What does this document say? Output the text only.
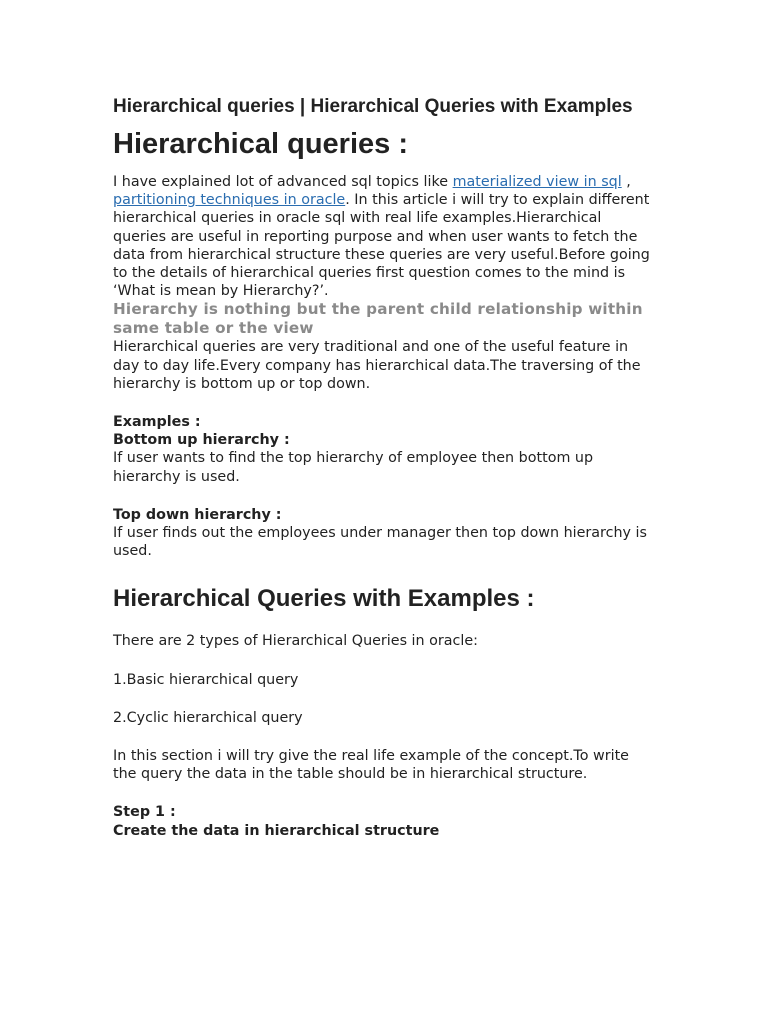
Hierarchical queries | Hierarchical Queries with Examples
Hierarchical queries :

I have explained lot of advanced sql topics like materialized view in sql , partitioning techniques in oracle. In this article i will try to explain different hierarchical queries in oracle sql with real life examples.Hierarchical queries are useful in reporting purpose and when user wants to fetch the data from hierarchical structure these queries are very useful.Before going to the details of hierarchical queries first question comes to the mind is ‘What is mean by Hierarchy?’.

Hierarchy is nothing but the parent child relationship within same table or the view

Hierarchical queries are very traditional and one of the useful feature in day to day life.Every company has hierarchical data.The traversing of the hierarchy is bottom up or top down.

Examples :

Bottom up hierarchy :

If user wants to find the top hierarchy of employee then bottom up hierarchy is used.

Top down hierarchy :

If user finds out the employees under manager then top down hierarchy is used.

Hierarchical Queries with Examples :

There are 2 types of Hierarchical Queries in oracle:

1.Basic hierarchical query

2.Cyclic hierarchical query

In this section i will try give the real life example of the concept.To write the query the data in the table should be in hierarchical structure.

Step 1 :

Create the data in hierarchical structure
